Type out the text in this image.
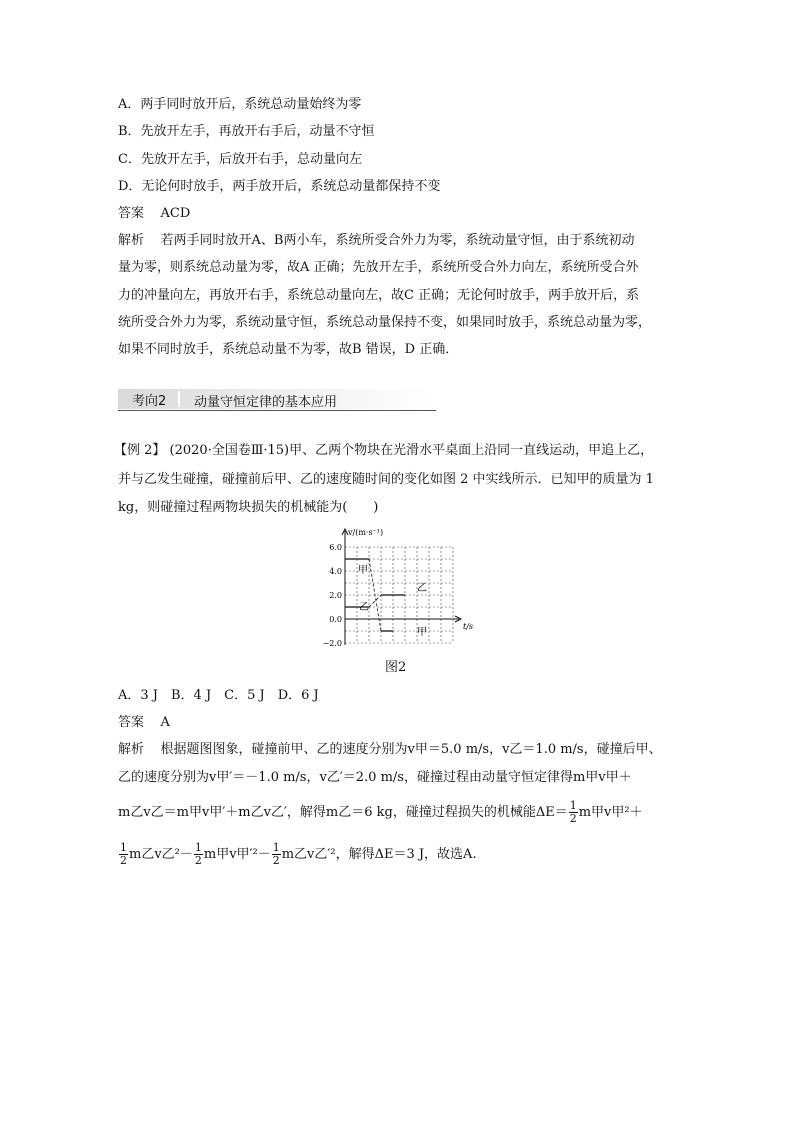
A．两手同时放开后，系统总动量始终为零
B．先放开左手，再放开右手后，动量不守恒
C．先放开左手，后放开右手，总动量向左
D．无论何时放手，两手放开后，系统总动量都保持不变
答案 ACD
解析 若两手同时放开A、B两小车，系统所受合外力为零，系统动量守恒，由于系统初动
量为零，则系统总动量为零，故A 正确；先放开左手，系统所受合外力向左，系统所受合外
力的冲量向左，再放开右手，系统总动量向左，故C 正确；无论何时放手，两手放开后，系
统所受合外力为零，系统动量守恒，系统总动量保持不变，如果同时放手，系统总动量为零，
如果不同时放手，系统总动量不为零，故B 错误，D 正确．
考向2 动量守恒定律的基本应用
【例 2】 (2020·全国卷Ⅲ·15)甲、乙两个物块在光滑水平桌面上沿同一直线运动，甲追上乙，
并与乙发生碰撞，碰撞前后甲、乙的速度随时间的变化如图 2 中实线所示．已知甲的质量为 1
kg，则碰撞过程两物块损失的机械能为(　　)
v/(m·s⁻¹)
t/s
6.0
4.0
2.0
0.0
−2.0
甲
乙
乙
甲
图2
A．3 J　B．4 J　C．5 J　D．6 J
答案 A
解析 根据题图图象，碰撞前甲、乙的速度分别为v甲＝5.0 m/s，v乙＝1.0 m/s，碰撞后甲、
乙的速度分别为v甲′＝－1.0 m/s，v乙′＝2.0 m/s，碰撞过程由动量守恒定律得m甲v甲＋
m乙v乙＝m甲v甲′＋m乙v乙′，解得m乙＝6 kg，碰撞过程损失的机械能$\Delta E= \frac{1}{2}$ m甲v甲²＋
$\frac{1}{2}$ m乙v乙$^2- \frac{1}{2}$ m甲v甲$'^2- \frac{1}{2}$ m乙v乙′²，解得ΔE＝3 J，故选A.
